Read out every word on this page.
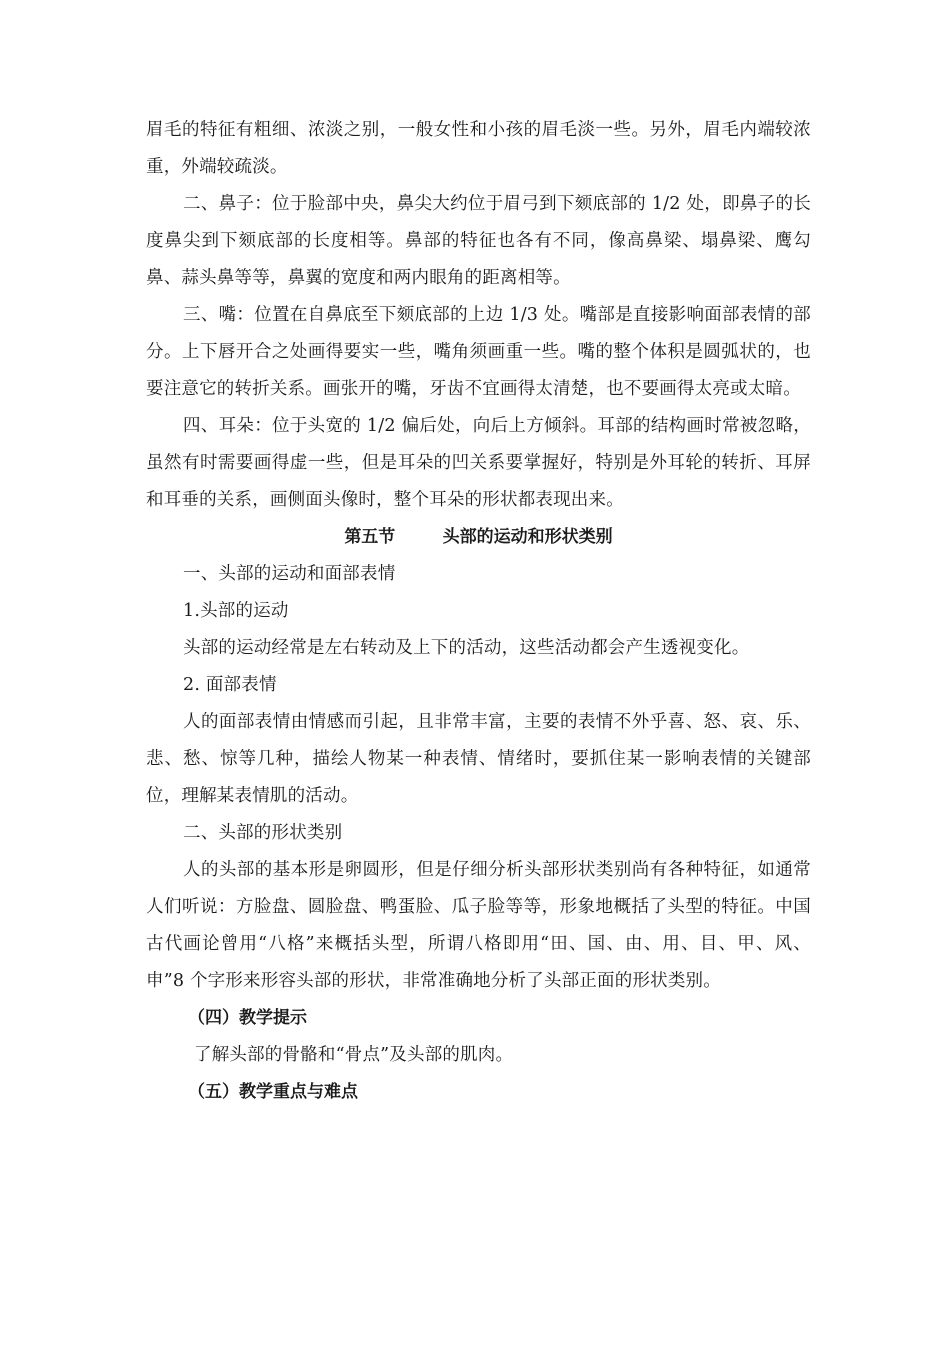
眉毛的特征有粗细、浓淡之别，一般女性和小孩的眉毛淡一些。另外，眉毛内端较浓重，外端较疏淡。

二、鼻子：位于脸部中央，鼻尖大约位于眉弓到下颏底部的 1/2 处，即鼻子的长度鼻尖到下颏底部的长度相等。鼻部的特征也各有不同，像高鼻梁、塌鼻梁、鹰勾鼻、蒜头鼻等等，鼻翼的宽度和两内眼角的距离相等。

三、嘴：位置在自鼻底至下颏底部的上边 1/3 处。嘴部是直接影响面部表情的部分。上下唇开合之处画得要实一些，嘴角须画重一些。嘴的整个体积是圆弧状的，也要注意它的转折关系。画张开的嘴，牙齿不宜画得太清楚，也不要画得太亮或太暗。

四、耳朵：位于头宽的 1/2 偏后处，向后上方倾斜。耳部的结构画时常被忽略，虽然有时需要画得虚一些，但是耳朵的凹关系要掌握好，特别是外耳轮的转折、耳屏和耳垂的关系，画侧面头像时，整个耳朵的形状都表现出来。

第五节        头部的运动和形状类别

一、头部的运动和面部表情

1.头部的运动

头部的运动经常是左右转动及上下的活动，这些活动都会产生透视变化。

2. 面部表情

人的面部表情由情感而引起，且非常丰富，主要的表情不外乎喜、怒、哀、乐、悲、愁、惊等几种，描绘人物某一种表情、情绪时，要抓住某一影响表情的关键部位，理解某表情肌的活动。

二、头部的形状类别

人的头部的基本形是卵圆形，但是仔细分析头部形状类别尚有各种特征，如通常人们听说：方脸盘、圆脸盘、鸭蛋脸、瓜子脸等等，形象地概括了头型的特征。中国古代画论曾用“八格”来概括头型，所谓八格即用“田、国、由、用、目、甲、风、申”8 个字形来形容头部的形状，非常准确地分析了头部正面的形状类别。

（四）教学提示

了解头部的骨骼和“骨点”及头部的肌肉。

（五）教学重点与难点
